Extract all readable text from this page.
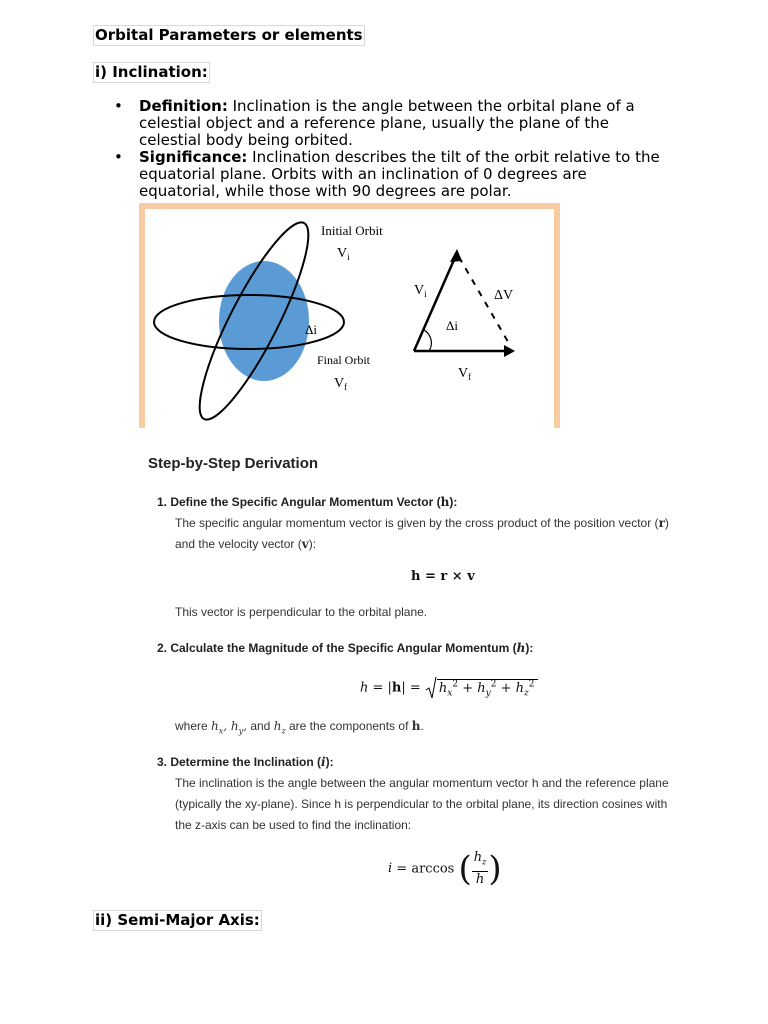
Orbital Parameters or elements
i) Inclination:
• Definition: Inclination is the angle between the orbital plane of a celestial object and a reference plane, usually the plane of the celestial body being orbited.
• Significance: Inclination describes the tilt of the orbit relative to the equatorial plane. Orbits with an inclination of 0 degrees are equatorial, while those with 90 degrees are polar.
Initial Orbit
$V_i$
Δi
Final Orbit
$V_f$
$V_i$	ΔV
Δi
$V_f$
Step-by-Step Derivation
1. Define the Specific Angular Momentum Vector (h):
The specific angular momentum vector is given by the cross product of the position vector (r)
and the velocity vector (v):
h = r × v
This vector is perpendicular to the orbital plane.
2. Calculate the Magnitude of the Specific Angular Momentum (h):
$h = |h| = h_x^2 + h_y^2 + h_z^2$
where $h_x$, $h_y$, and $h_z$ are the components of h.
3. Determine the Inclination (i):
The inclination is the angle between the angular momentum vector h and the reference plane
(typically the xy-plane). Since h is perpendicular to the orbital plane, its direction cosines with
the z-axis can be used to find the inclination:
i = arccos ( $\frac{h_z}{h}$ )
ii) Semi-Major Axis:
